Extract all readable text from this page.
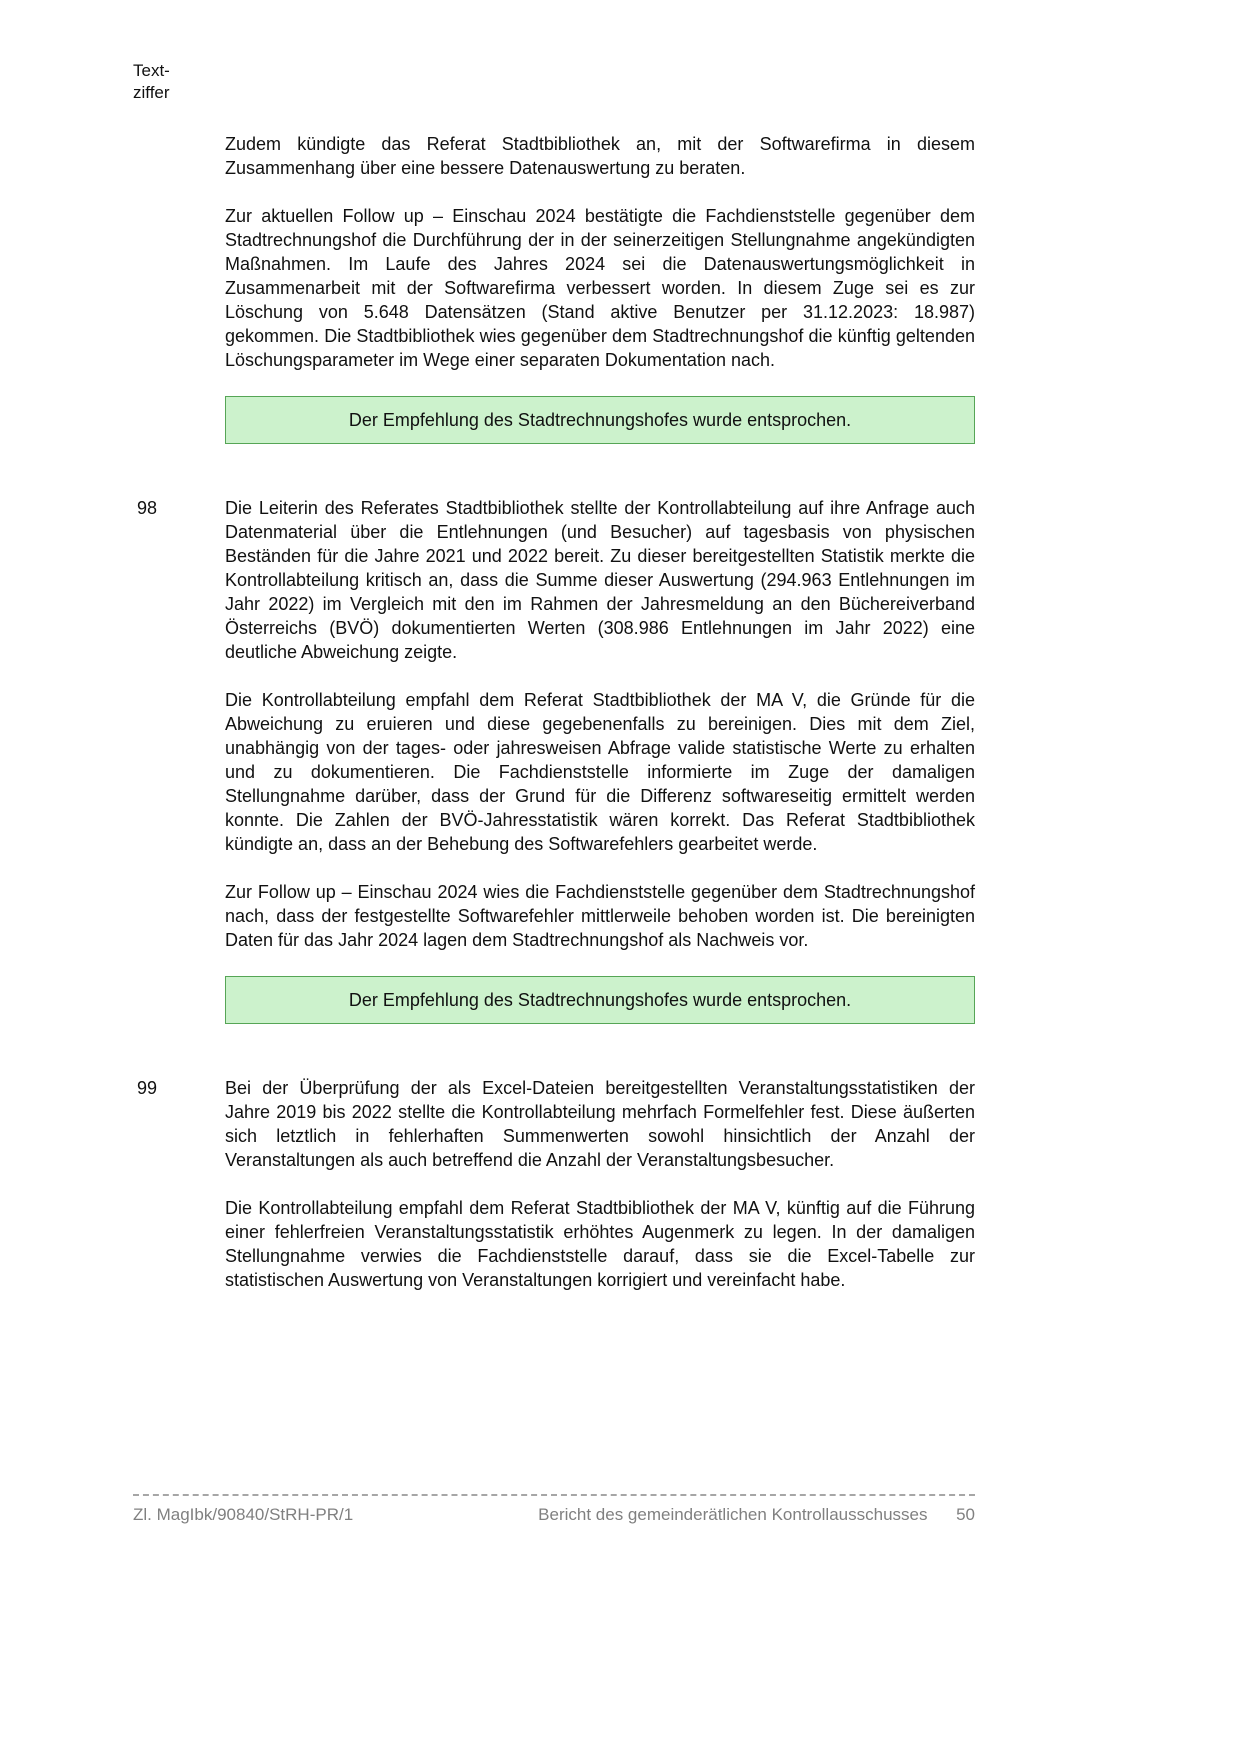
Text-
ziffer

Zudem kündigte das Referat Stadtbibliothek an, mit der Softwarefirma in diesem Zusammenhang über eine bessere Datenauswertung zu beraten.

Zur aktuellen Follow up – Einschau 2024 bestätigte die Fachdienststelle gegenüber dem Stadtrechnungshof die Durchführung der in der seinerzeitigen Stellungnahme angekündigten Maßnahmen. Im Laufe des Jahres 2024 sei die Datenauswertungsmöglichkeit in Zusammenarbeit mit der Softwarefirma verbessert worden. In diesem Zuge sei es zur Löschung von 5.648 Datensätzen (Stand aktive Benutzer per 31.12.2023: 18.987) gekommen. Die Stadtbibliothek wies gegenüber dem Stadtrechnungshof die künftig geltenden Löschungsparameter im Wege einer separaten Dokumentation nach.

Der Empfehlung des Stadtrechnungshofes wurde entsprochen.
98	Die Leiterin des Referates Stadtbibliothek stellte der Kontrollabteilung auf ihre Anfrage auch Datenmaterial über die Entlehnungen (und Besucher) auf tagesbasis von physischen Beständen für die Jahre 2021 und 2022 bereit. Zu dieser bereitgestellten Statistik merkte die Kontrollabteilung kritisch an, dass die Summe dieser Auswertung (294.963 Entlehnungen im Jahr 2022) im Vergleich mit den im Rahmen der Jahresmeldung an den Büchereiverband Österreichs (BVÖ) dokumentierten Werten (308.986 Entlehnungen im Jahr 2022) eine deutliche Abweichung zeigte.

Die Kontrollabteilung empfahl dem Referat Stadtbibliothek der MA V, die Gründe für die Abweichung zu eruieren und diese gegebenenfalls zu bereinigen. Dies mit dem Ziel, unabhängig von der tages- oder jahresweisen Abfrage valide statistische Werte zu erhalten und zu dokumentieren. Die Fachdienststelle informierte im Zuge der damaligen Stellungnahme darüber, dass der Grund für die Differenz softwareseitig ermittelt werden konnte. Die Zahlen der BVÖ-Jahresstatistik wären korrekt. Das Referat Stadtbibliothek kündigte an, dass an der Behebung des Softwarefehlers gearbeitet werde.

Zur Follow up – Einschau 2024 wies die Fachdienststelle gegenüber dem Stadtrechnungshof nach, dass der festgestellte Softwarefehler mittlerweile behoben worden ist. Die bereinigten Daten für das Jahr 2024 lagen dem Stadtrechnungshof als Nachweis vor.

Der Empfehlung des Stadtrechnungshofes wurde entsprochen.
99	Bei der Überprüfung der als Excel-Dateien bereitgestellten Veranstaltungsstatistiken der Jahre 2019 bis 2022 stellte die Kontrollabteilung mehrfach Formelfehler fest. Diese äußerten sich letztlich in fehlerhaften Summenwerten sowohl hinsichtlich der Anzahl der Veranstaltungen als auch betreffend die Anzahl der Veranstaltungsbesucher.

Die Kontrollabteilung empfahl dem Referat Stadtbibliothek der MA V, künftig auf die Führung einer fehlerfreien Veranstaltungsstatistik erhöhtes Augenmerk zu legen. In der damaligen Stellungnahme verwies die Fachdienststelle darauf, dass sie die Excel-Tabelle zur statistischen Auswertung von Veranstaltungen korrigiert und vereinfacht habe.

Zl. MagIbk/90840/StRH-PR/1	Bericht des gemeinderätlichen Kontrollausschusses 50
